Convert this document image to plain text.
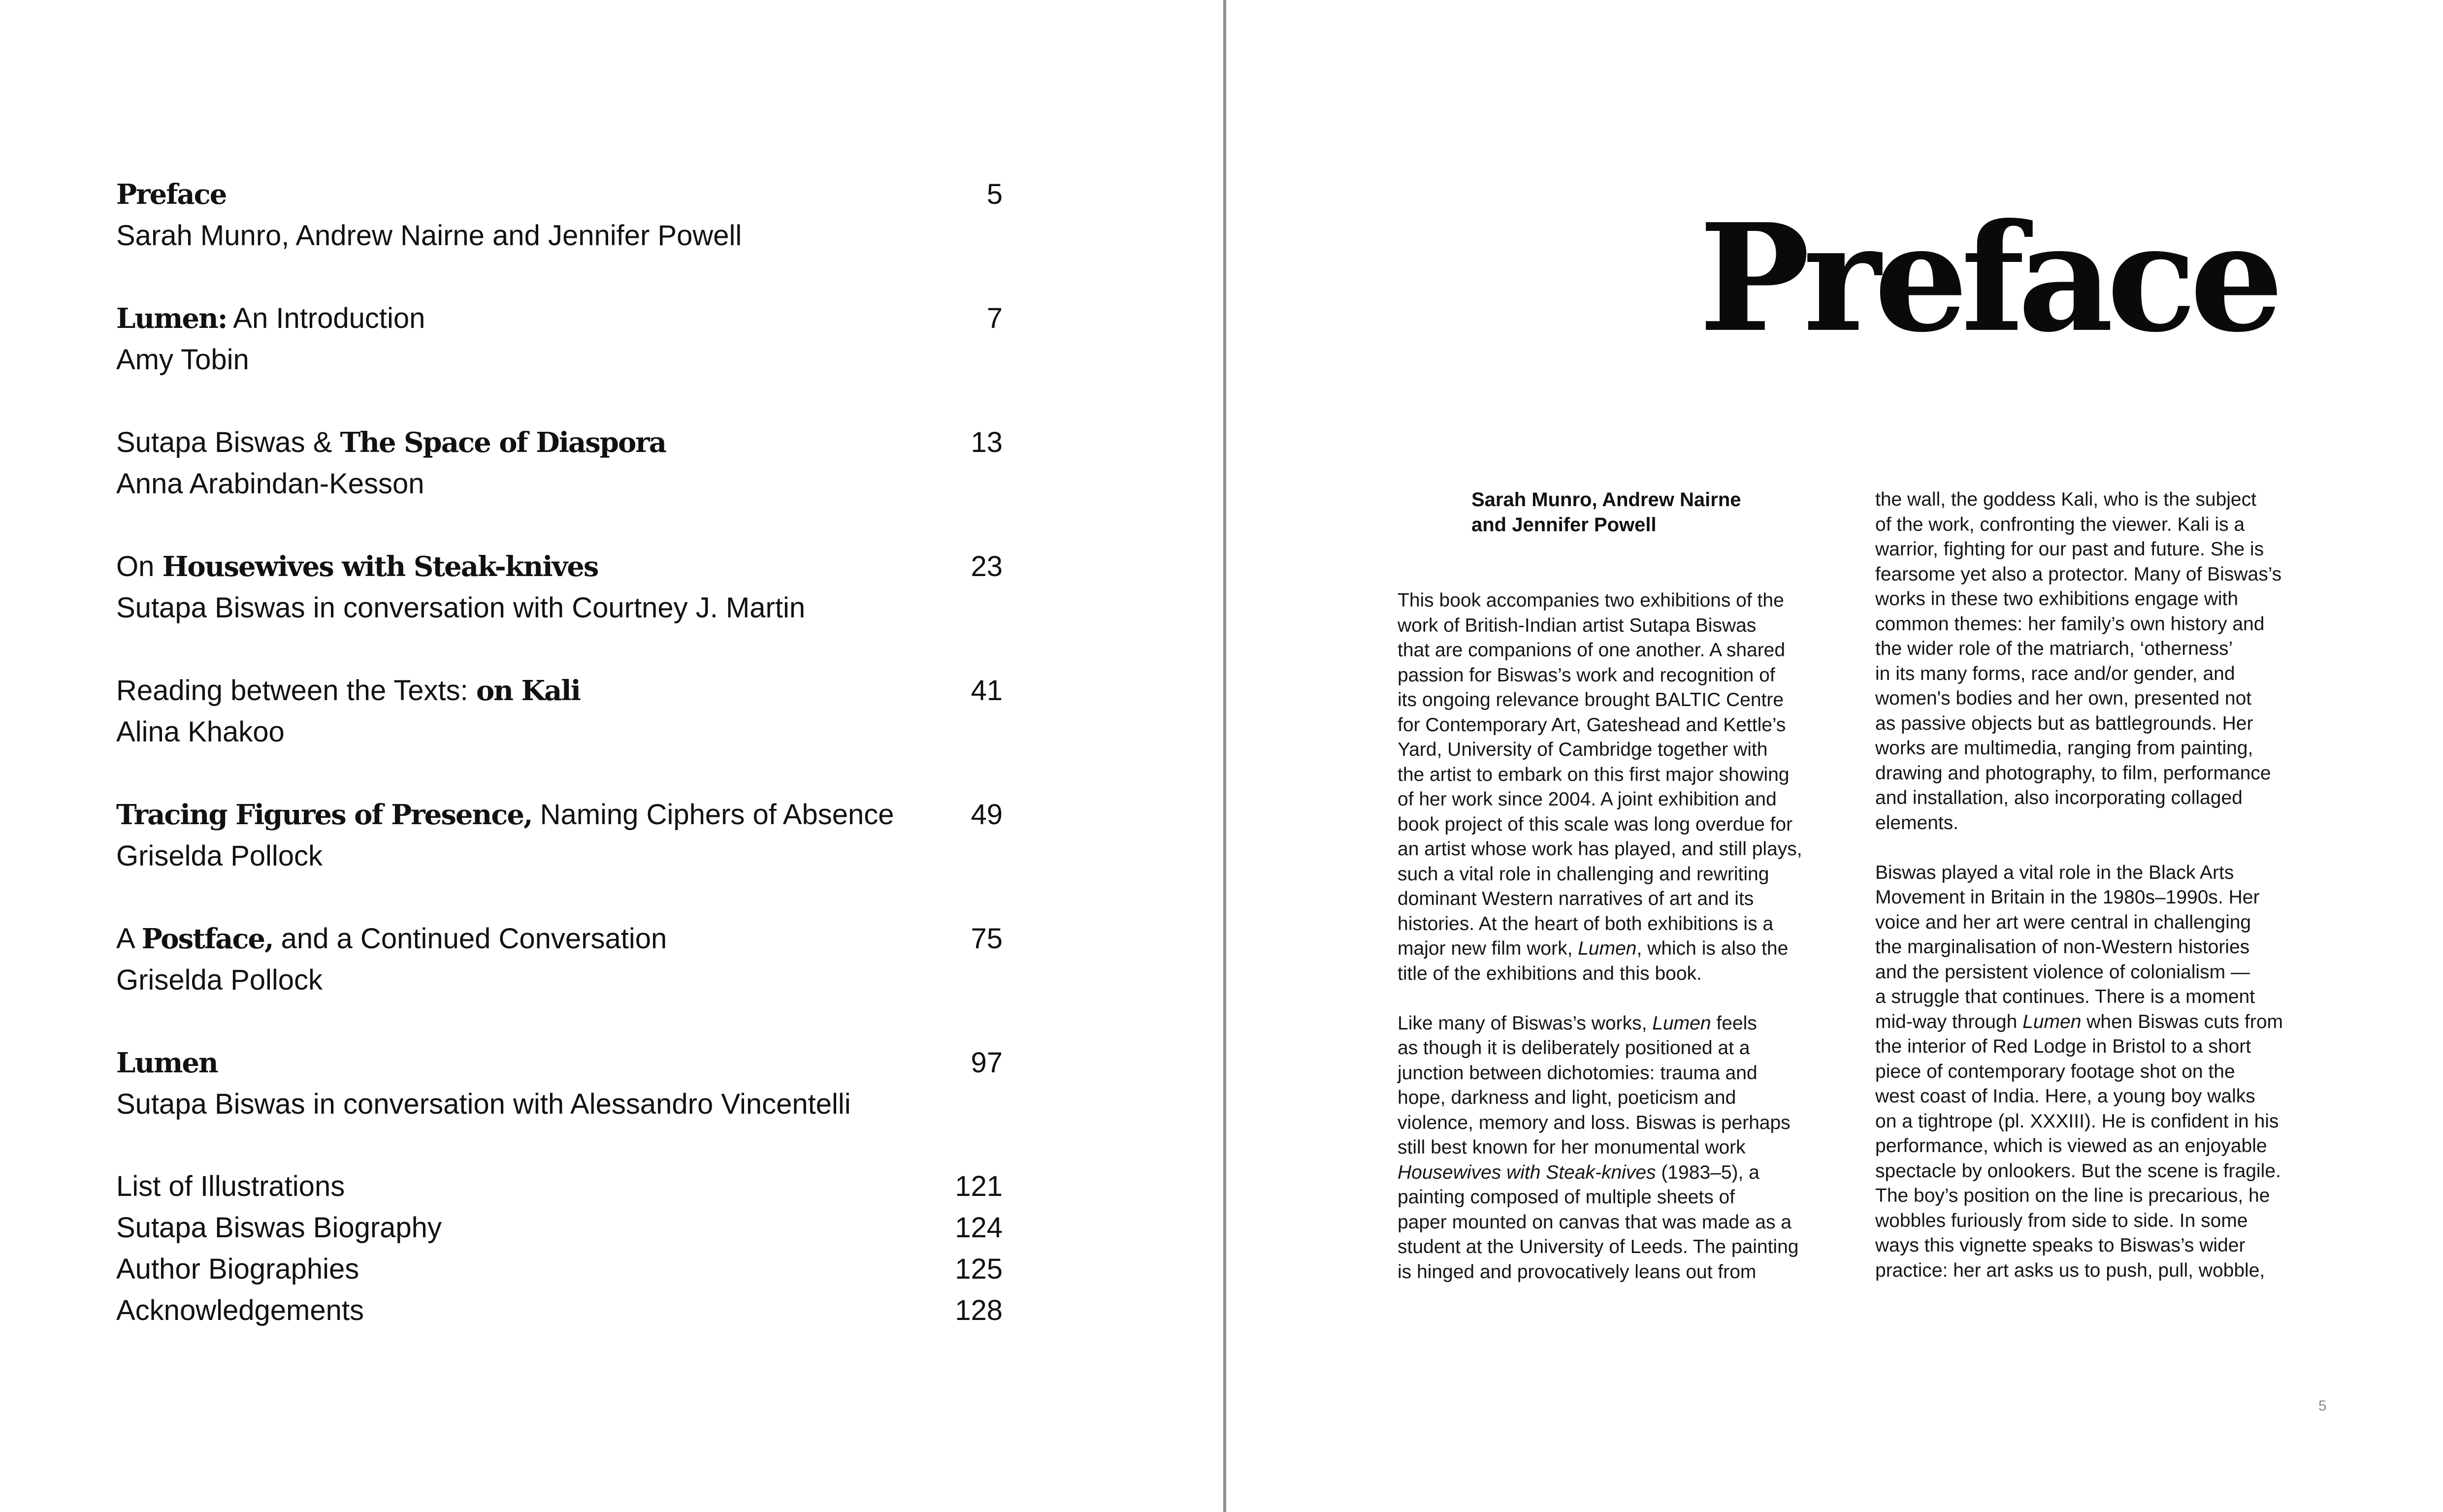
Preface	5
Sarah Munro, Andrew Nairne and Jennifer Powell
Lumen: An Introduction	7
Amy Tobin
Sutapa Biswas & The Space of Diaspora	13
Anna Arabindan-Kesson
On Housewives with Steak-knives	23
Sutapa Biswas in conversation with Courtney J. Martin
Reading between the Texts: on Kali	41
Alina Khakoo
Tracing Figures of Presence, Naming Ciphers of Absence	49
Griselda Pollock
A Postface, and a Continued Conversation	75
Griselda Pollock
Lumen	97
Sutapa Biswas in conversation with Alessandro Vincentelli
List of Illustrations	121
Sutapa Biswas Biography	124
Author Biographies	125
Acknowledgements	128
Preface
Sarah Munro, Andrew Nairne
and Jennifer Powell
This book accompanies two exhibitions of the
work of British-Indian artist Sutapa Biswas
that are companions of one another. A shared
passion for Biswas’s work and recognition of
its ongoing relevance brought BALTIC Centre
for Contemporary Art, Gateshead and Kettle’s
Yard, University of Cambridge together with
the artist to embark on this first major showing
of her work since 2004. A joint exhibition and
book project of this scale was long overdue for
an artist whose work has played, and still plays,
such a vital role in challenging and rewriting
dominant Western narratives of art and its
histories. At the heart of both exhibitions is a
major new film work, Lumen, which is also the
title of the exhibitions and this book.
Like many of Biswas’s works, Lumen feels
as though it is deliberately positioned at a
junction between dichotomies: trauma and
hope, darkness and light, poeticism and
violence, memory and loss. Biswas is perhaps
still best known for her monumental work
Housewives with Steak-knives (1983–5), a
painting composed of multiple sheets of
paper mounted on canvas that was made as a
student at the University of Leeds. The painting
is hinged and provocatively leans out from
the wall, the goddess Kali, who is the subject
of the work, confronting the viewer. Kali is a
warrior, fighting for our past and future. She is
fearsome yet also a protector. Many of Biswas’s
works in these two exhibitions engage with
common themes: her family’s own history and
the wider role of the matriarch, ‘otherness’
in its many forms, race and/or gender, and
women's bodies and her own, presented not
as passive objects but as battlegrounds. Her
works are multimedia, ranging from painting,
drawing and photography, to film, performance
and installation, also incorporating collaged
elements.
Biswas played a vital role in the Black Arts
Movement in Britain in the 1980s–1990s. Her
voice and her art were central in challenging
the marginalisation of non-Western histories
and the persistent violence of colonialism —
a struggle that continues. There is a moment
mid-way through Lumen when Biswas cuts from
the interior of Red Lodge in Bristol to a short
piece of contemporary footage shot on the
west coast of India. Here, a young boy walks
on a tightrope (pl. XXXIII). He is confident in his
performance, which is viewed as an enjoyable
spectacle by onlookers. But the scene is fragile.
The boy’s position on the line is precarious, he
wobbles furiously from side to side. In some
ways this vignette speaks to Biswas’s wider
practice: her art asks us to push, pull, wobble,
5
